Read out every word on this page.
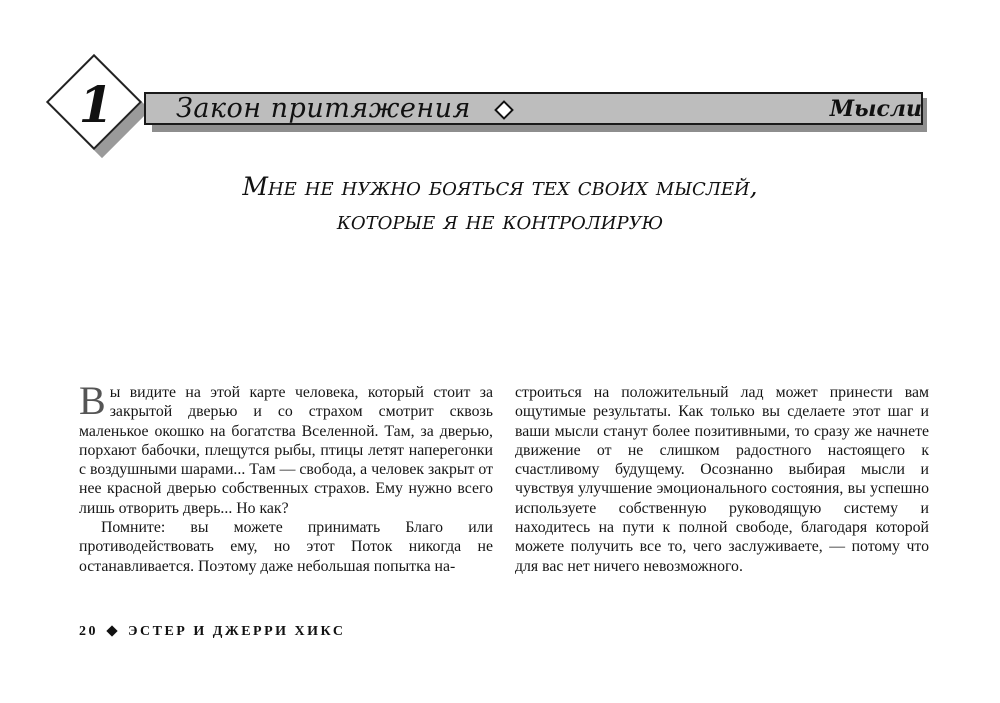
1	Закон притяжения	Мысли
Мне не нужно бояться тех своих мыслей,
которые я не контролирую

Вы видите на этой карте человека, который стоит за закрытой дверью и со страхом смотрит сквозь маленькое окошко на богатства Вселенной. Там, за дверью, порхают бабочки, плещутся рыбы, птицы летят наперегонки с воздушными шарами... Там — свобода, а человек закрыт от нее красной дверью собственных страхов. Ему нужно всего лишь отворить дверь... Но как?

Помните: вы можете принимать Благо или противодействовать ему, но этот Поток никогда не останавливается. Поэтому даже небольшая попытка на-

строиться на положительный лад может принести вам ощутимые результаты. Как только вы сделаете этот шаг и ваши мысли станут более позитивными, то сразу же начнете движение от не слишком радостного настоящего к счастливому будущему. Осознанно выбирая мысли и чувствуя улучшение эмоционального состояния, вы успешно используете собственную руководящую систему и находитесь на пути к полной свободе, благодаря которой можете получить все то, чего заслуживаете, — потому что для вас нет ничего невозможного.

20 ЭСТЕР И ДЖЕРРИ ХИКС
